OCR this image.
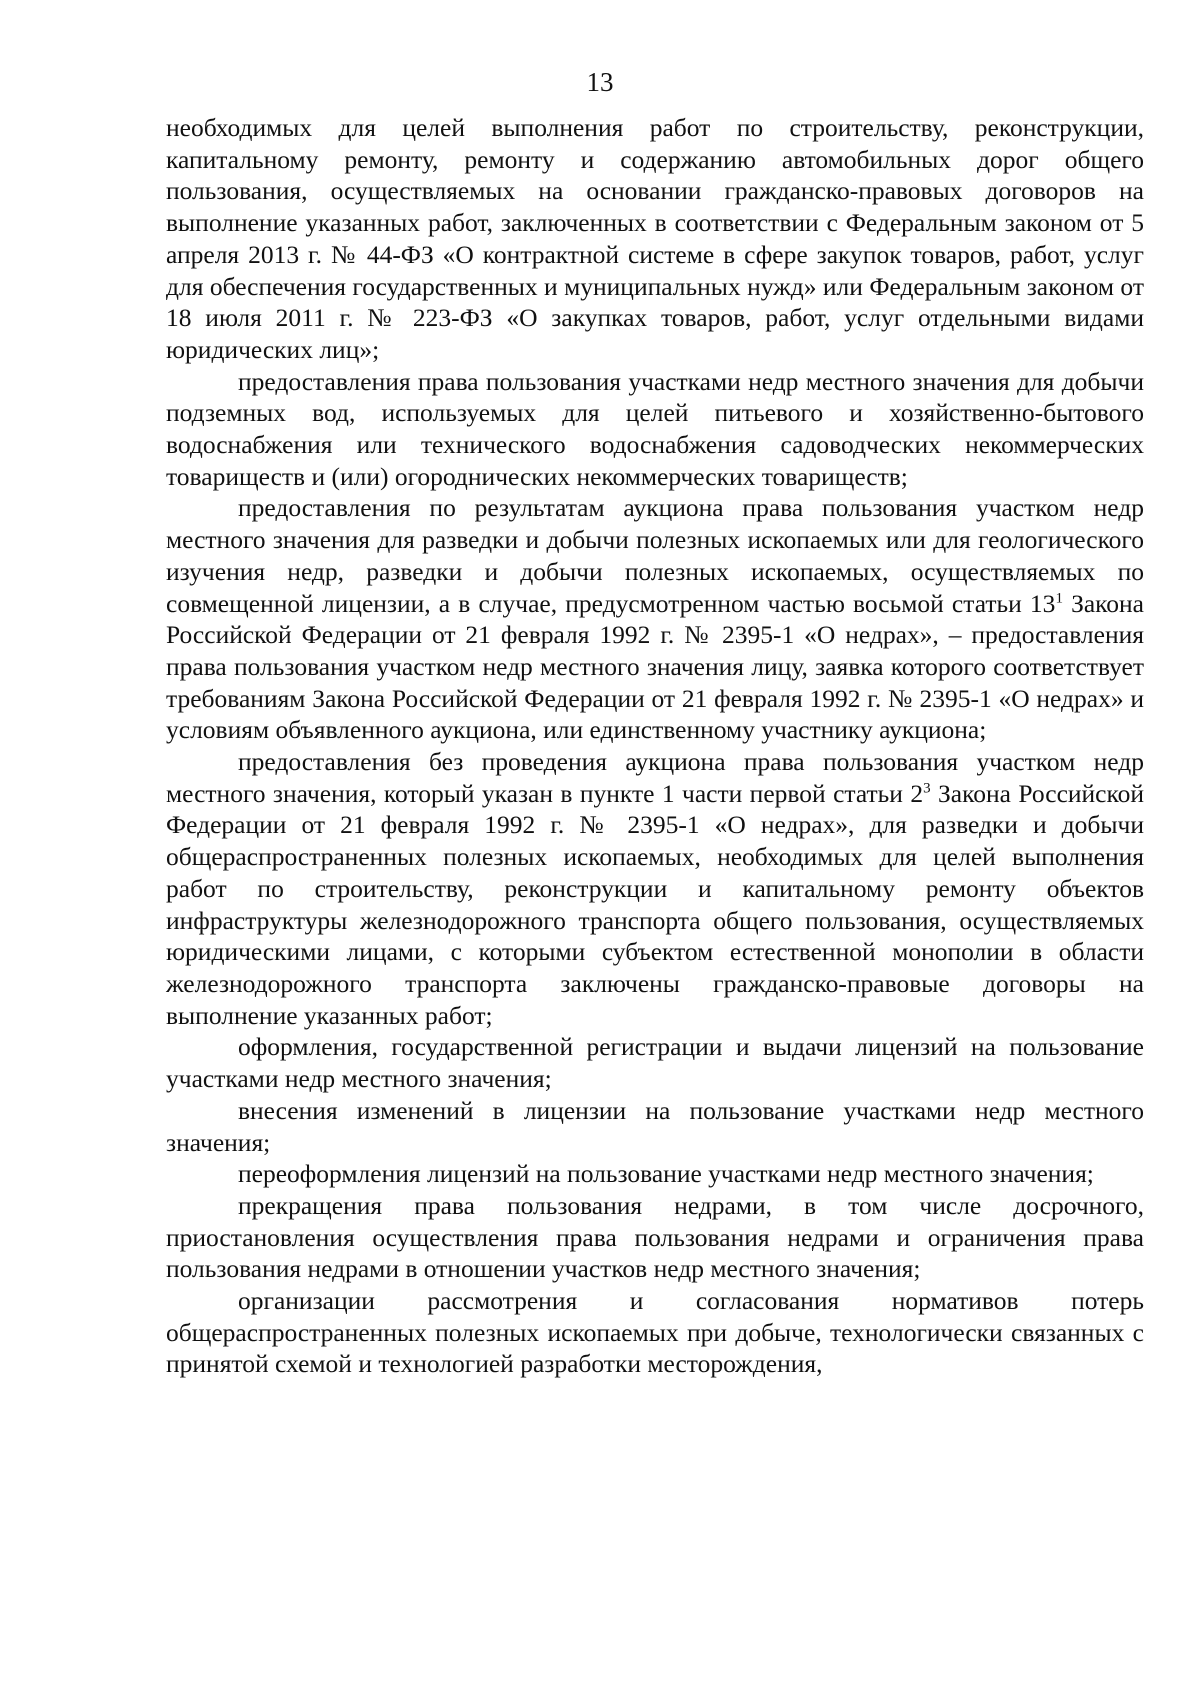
13

необходимых для целей выполнения работ по строительству, реконструкции, капитальному ремонту, ремонту и содержанию автомобильных дорог общего пользования, осуществляемых на основании гражданско-правовых договоров на выполнение указанных работ, заключенных в соответствии с Федеральным законом от 5 апреля 2013 г. № 44-ФЗ «О контрактной системе в сфере закупок товаров, работ, услуг для обеспечения государственных и муниципальных нужд» или Федеральным законом от 18 июля 2011 г. № 223-ФЗ «О закупках товаров, работ, услуг отдельными видами юридических лиц»;

предоставления права пользования участками недр местного значения для добычи подземных вод, используемых для целей питьевого и хозяйственно-бытового водоснабжения или технического водоснабжения садоводческих некоммерческих товариществ и (или) огороднических некоммерческих товариществ;

предоставления по результатам аукциона права пользования участком недр местного значения для разведки и добычи полезных ископаемых или для геологического изучения недр, разведки и добычи полезных ископаемых, осуществляемых по совмещенной лицензии, а в случае, предусмотренном частью восьмой статьи $13^1$ Закона Российской Федерации от 21 февраля 1992 г. № 2395-1 «О недрах», – предоставления права пользования участком недр местного значения лицу, заявка которого соответствует требованиям Закона Российской Федерации от 21 февраля 1992 г. № 2395-1 «О недрах» и условиям объявленного аукциона, или единственному участнику аукциона;

предоставления без проведения аукциона права пользования участком недр местного значения, который указан в пункте 1 части первой статьи $2^3$ Закона Российской Федерации от 21 февраля 1992 г. № 2395-1 «О недрах», для разведки и добычи общераспространенных полезных ископаемых, необходимых для целей выполнения работ по строительству, реконструкции и капитальному ремонту объектов инфраструктуры железнодорожного транспорта общего пользования, осуществляемых юридическими лицами, с которыми субъектом естественной монополии в области железнодорожного транспорта заключены гражданско-правовые договоры на выполнение указанных работ;

оформления, государственной регистрации и выдачи лицензий на пользование участками недр местного значения;

внесения изменений в лицензии на пользование участками недр местного значения;

переоформления лицензий на пользование участками недр местного значения;

прекращения права пользования недрами, в том числе досрочного, приостановления осуществления права пользования недрами и ограничения права пользования недрами в отношении участков недр местного значения;

организации рассмотрения и согласования нормативов потерь общераспространенных полезных ископаемых при добыче, технологически связанных с принятой схемой и технологией разработки месторождения,
